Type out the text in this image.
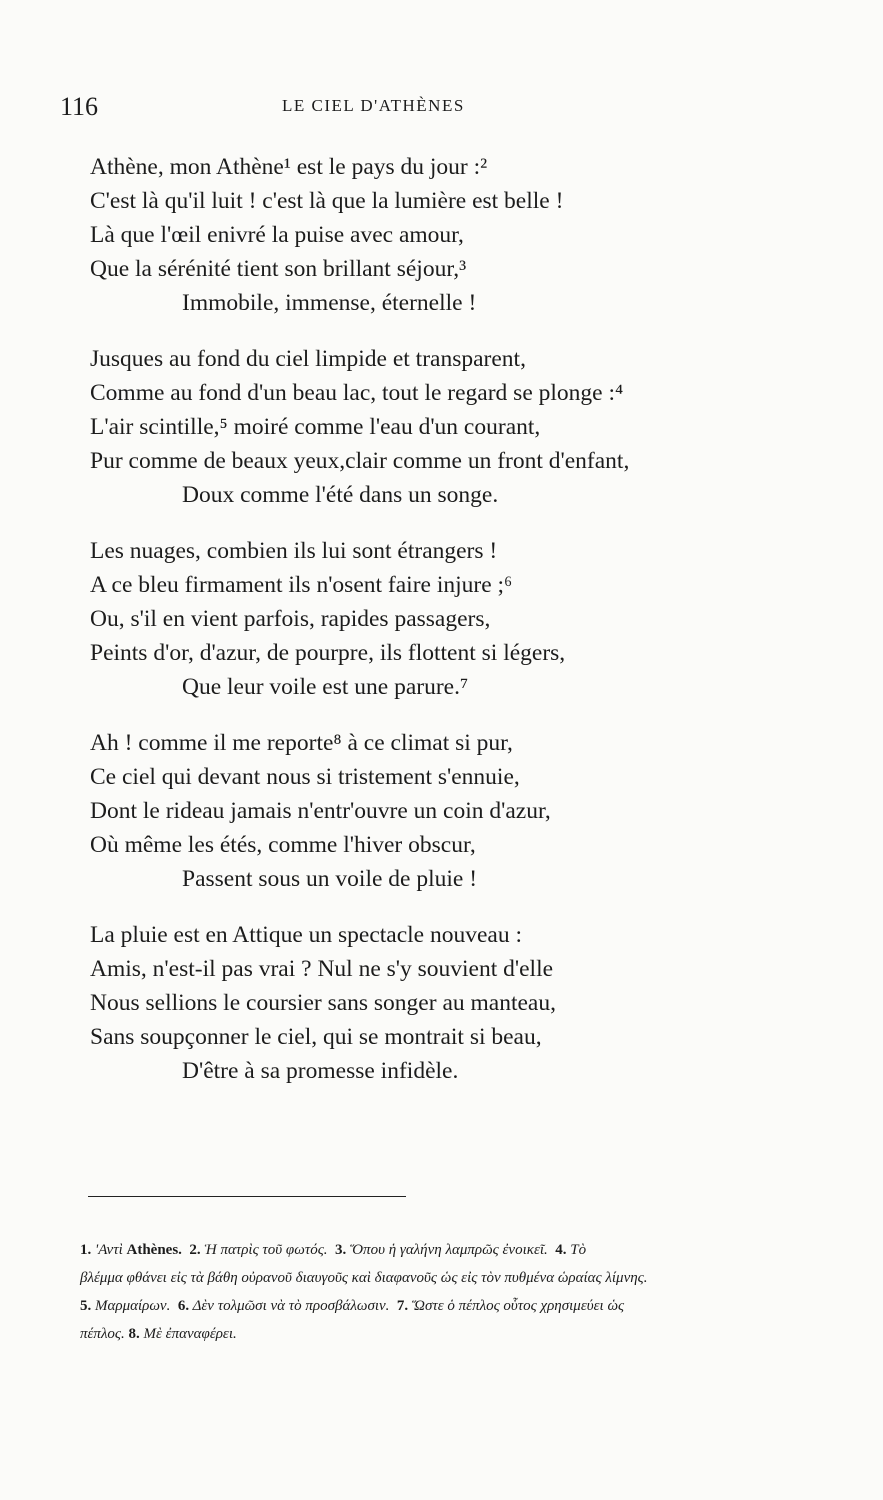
116	LE CIEL D'ATHÈNES
Athène, mon Athène¹ est le pays du jour :²
C'est là qu'il luit ! c'est là que la lumière est belle !
Là que l'œil enivré la puise avec amour,
Que la sérénité tient son brillant séjour,³
Immobile, immense, éternelle !
Jusques au fond du ciel limpide et transparent,
Comme au fond d'un beau lac, tout le regard se plonge :⁴
L'air scintille,⁵ moiré comme l'eau d'un courant,
Pur comme de beaux yeux,clair comme un front d'enfant,
Doux comme l'été dans un songe.
Les nuages, combien ils lui sont étrangers !
A ce bleu firmament ils n'osent faire injure ;⁶
Ou, s'il en vient parfois, rapides passagers,
Peints d'or, d'azur, de pourpre, ils flottent si légers,
Que leur voile est une parure.⁷
Ah ! comme il me reporte⁸ à ce climat si pur,
Ce ciel qui devant nous si tristement s'ennuie,
Dont le rideau jamais n'entr'ouvre un coin d'azur,
Où même les étés, comme l'hiver obscur,
Passent sous un voile de pluie !
La pluie est en Attique un spectacle nouveau :
Amis, n'est-il pas vrai ? Nul ne s'y souvient d'elle
Nous sellions le coursier sans songer au manteau,
Sans soupçonner le ciel, qui se montrait si beau,
D'être à sa promesse infidèle.
1. 'Αντὶ Athènes. 2. Ἡ πατρὶς τοῦ φωτός. 3. Ὅπου ἡ γαλήνη λαμπρῶς ἐνοικεῖ. 4. Τὸ
βλέμμα φθάνει εἰς τὰ βάθη οὐρανοῦ διαυγοῦς καὶ διαφανοῦς ὡς εἰς τὸν πυθμένα ὡραίας λίμνης.
5. Μαρμαίρων. 6. Δὲν τολμῶσι νὰ τὸ προσβάλωσιν. 7. Ὥστε ὁ πέπλος οὗτος χρησιμεύει ὡς
πέπλος. 8. Μὲ ἐπαναφέρει.
